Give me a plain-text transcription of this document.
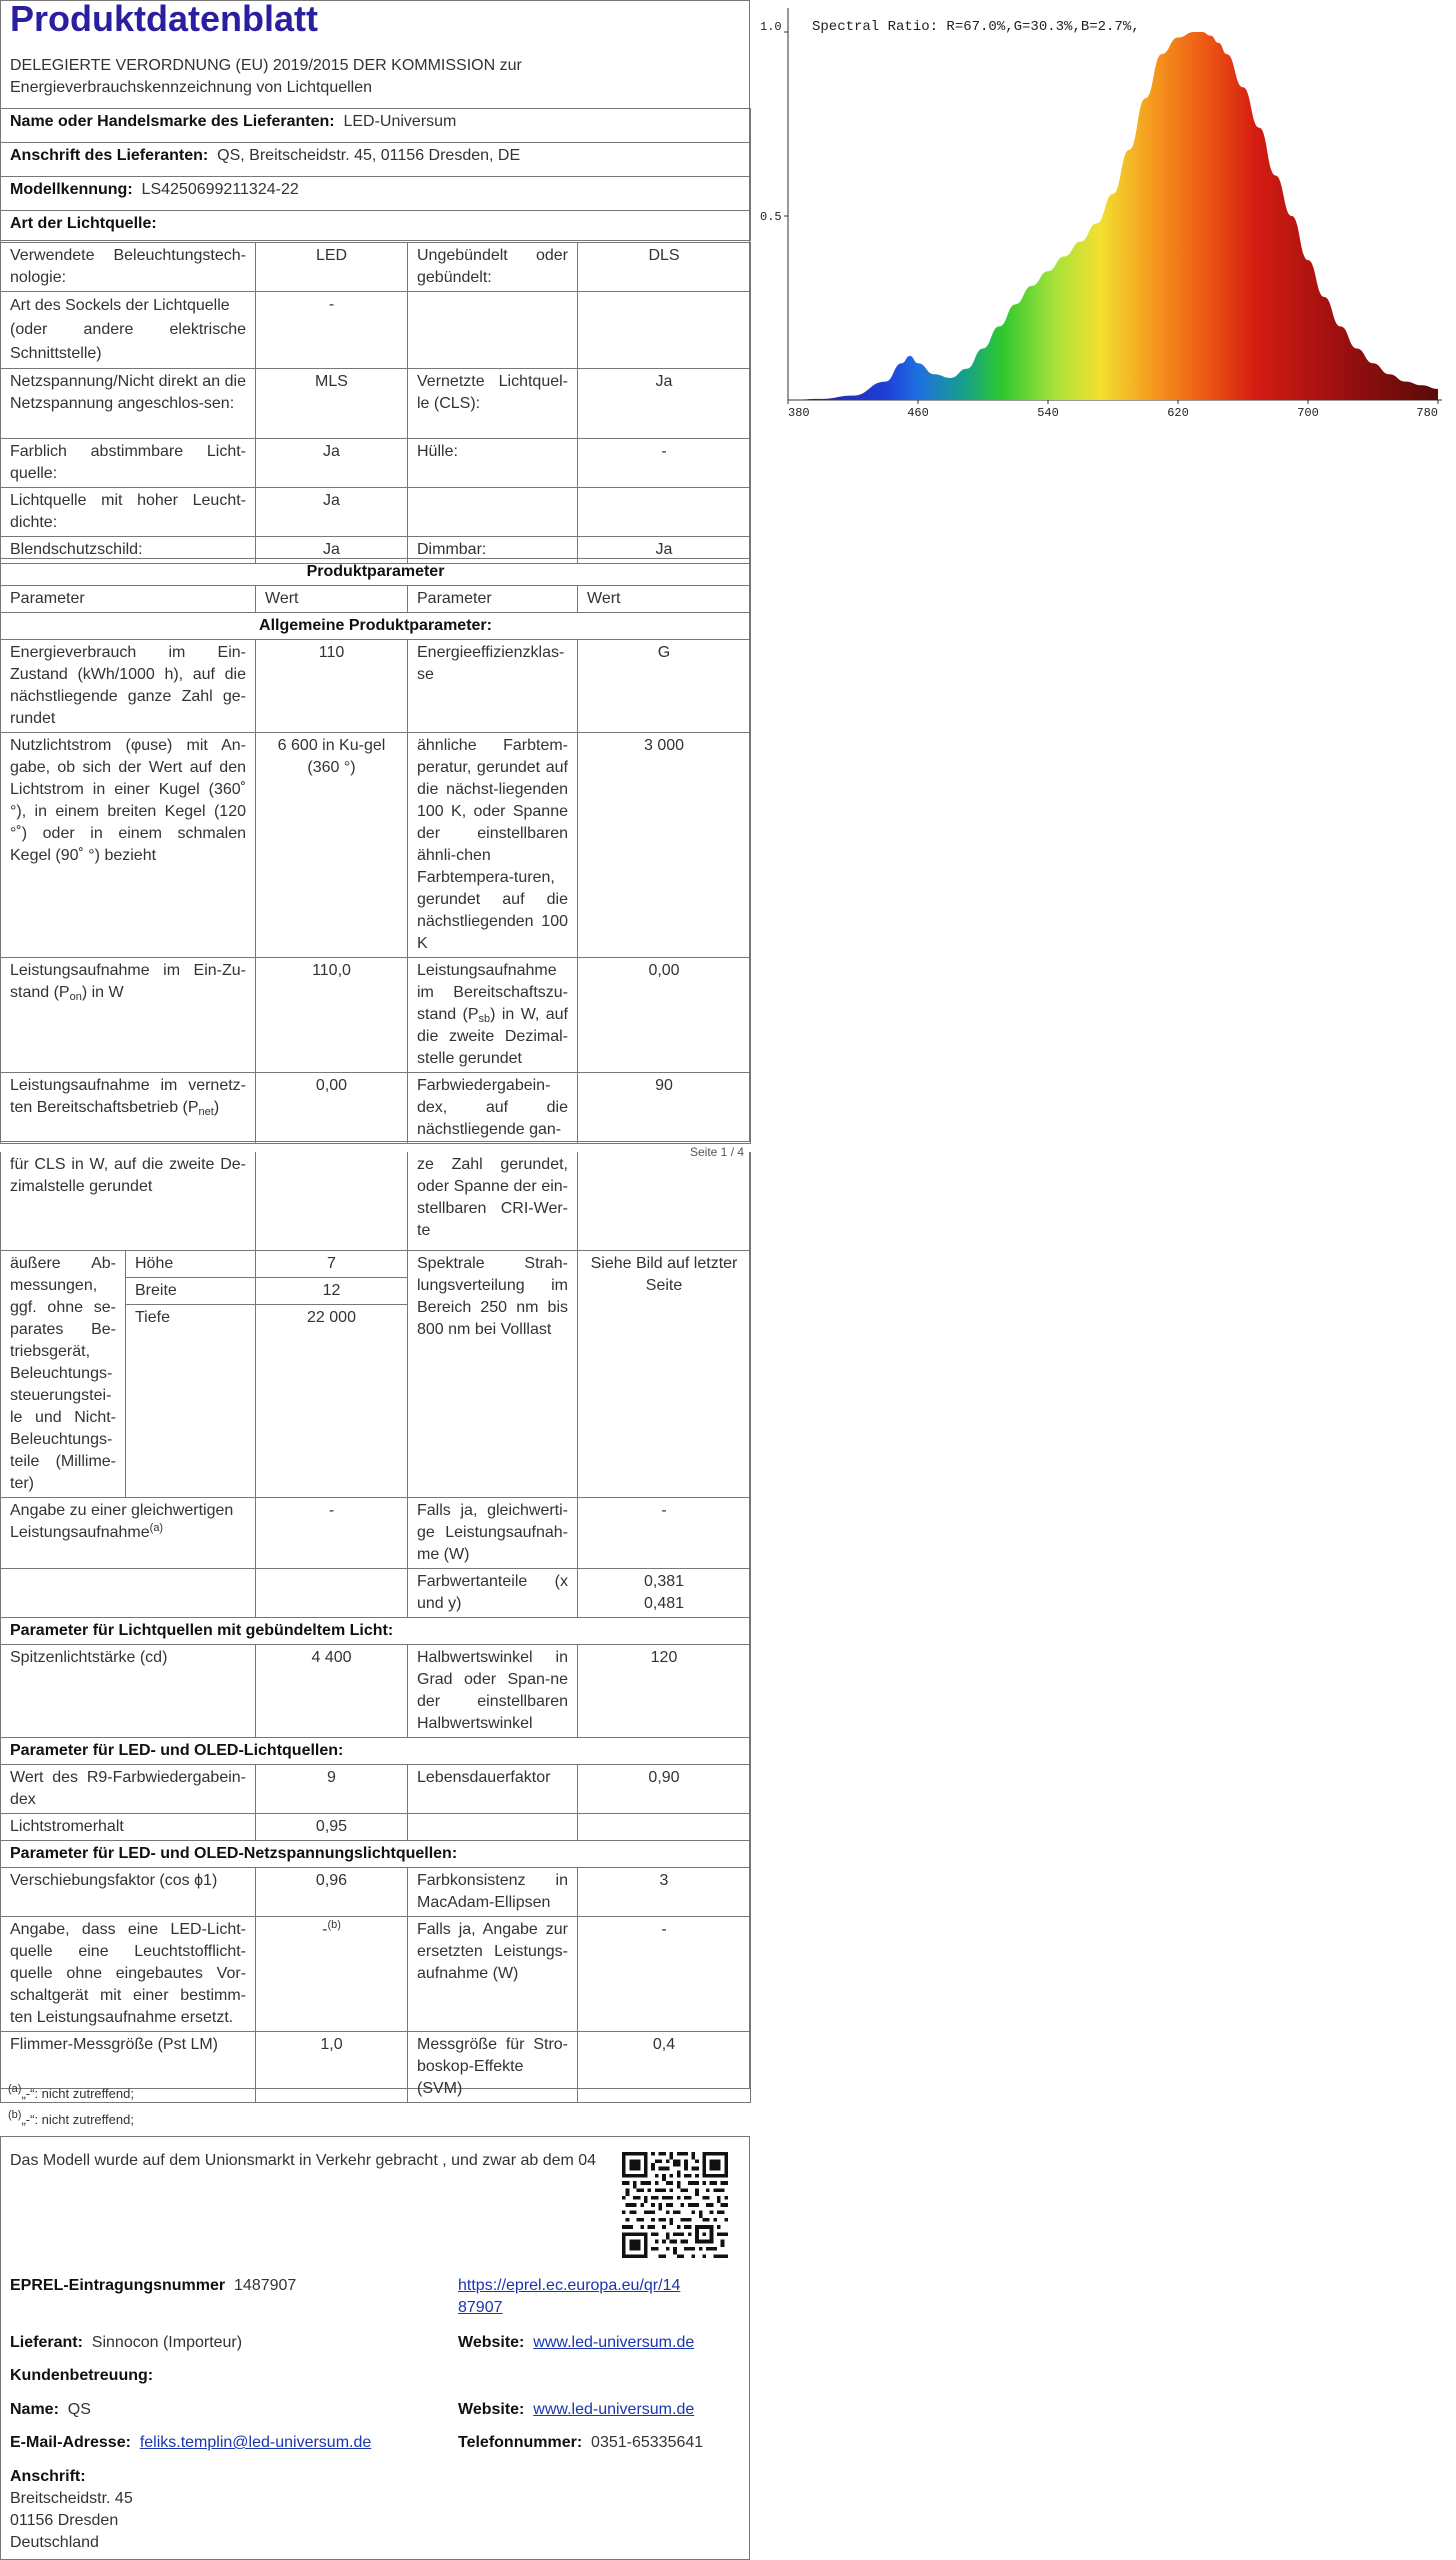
Produktdatenblatt
DELEGIERTE VERORDNUNG (EU) 2019/2015 DER KOMMISSION zur Energieverbrauchskennzeichnung von Lichtquellen
Name oder Handelsmarke des Lieferanten: LED-Universum
Anschrift des Lieferanten: QS, Breitscheidstr. 45, 01156 Dresden, DE
Modellkennung: LS4250699211324-22
Art der Lichtquelle:
Verwendete Beleuchtungstech-nologie:	LED	Ungebündelt oder gebündelt:	DLS
Art des Sockels der Lichtquelle
(oder andere elektrische Schnittstelle)	-		
Netzspannung/Nicht direkt an die Netzspannung angeschlos-sen:	MLS	Vernetzte Lichtquel-le (CLS):	Ja
Farblich abstimmbare Licht-quelle:	Ja	Hülle:	-
Lichtquelle mit hoher Leucht-dichte:	Ja		
Blendschutzschild:	Ja	Dimmbar:	Ja
Produktparameter			
Parameter	Wert	Parameter	Wert
Allgemeine Produktparameter:			
Energieverbrauch im Ein-Zustand (kWh/1000 h), auf die nächstliegende ganze Zahl ge-rundet	110	Energieeffizienzklas-se	G
Nutzlichtstrom (φuse) mit An-gabe, ob sich der Wert auf den Lichtstrom in einer Kugel (360˚ °), in einem breiten Kegel (120 °˚) oder in einem schmalen Kegel (90˚ °) bezieht	6 600 in Ku-gel (360 °)	ähnliche Farbtem-peratur, gerundet auf die nächst-liegenden 100 K, oder Spanne der einstellbaren ähnli-chen Farbtempera-turen, gerundet auf die nächstliegenden 100 K	3 000
Leistungsaufnahme im Ein-Zu-stand $(P_{on})$ in W	110,0	Leistungsaufnahme im Bereitschaftszu-stand $(P_{sb})$ in W, auf die zweite Dezimal-stelle gerundet	0,00
Leistungsaufnahme im vernetz-ten Bereitschaftsbetrieb $(P_{net})$	0,00	Farbwiedergabein-dex, auf die nächstliegende gan-	90
Seite 1 / 4
Spectral Ratio: R=67.0%,G=30.3%,B=2.7%,
380	460	540	620	700	780
0.5
1.0
für CLS in W, auf die zweite De-zimalstelle gerundet			ze Zahl gerundet, oder Spanne der ein-stellbaren CRI-Wer-te	
äußere Ab-messungen, ggf. ohne se-parates Be-triebsgerät, Beleuchtungs-steuerungstei-le und Nicht-Beleuchtungs-teile (Millime-ter)	Höhe	7	Spektrale Strah-lungsverteilung im Bereich 250 nm bis 800 nm bei Volllast	Siehe Bild auf letzter Seite
	Breite	12		
	Tiefe	22 000		
Angabe zu einer gleichwertigen Leistungsaufnahme$^{(a)}$		-	Falls ja, gleichwerti-ge Leistungsaufnah-me (W)	-
			Farbwertanteile (x und y)	0,381
0,481
Parameter für Lichtquellen mit gebündeltem Licht:				
Spitzenlichtstärke (cd)		4 400	Halbwertswinkel in Grad oder Span-ne der einstellbaren Halbwertswinkel	120
Parameter für LED- und OLED-Lichtquellen:				
Wert des R9-Farbwiedergabein-dex		9	Lebensdauerfaktor	0,90
Lichtstromerhalt		0,95		
Parameter für LED- und OLED-Netzspannungslichtquellen:				
Verschiebungsfaktor (cos ϕ1)		0,96	Farbkonsistenz in MacAdam-Ellipsen	3
Angabe, dass eine LED-Licht-quelle eine Leuchtstofflicht-quelle ohne eingebautes Vor-schaltgerät mit einer bestimm-ten Leistungsaufnahme ersetzt.		-$^{(b)}$	Falls ja, Angabe zur ersetzten Leistungs-aufnahme (W)	-
Flimmer-Messgröße (Pst LM)		1,0	Messgröße für Stro-boskop-Effekte (SVM)	0,4
$^{(a)}$„-“: nicht zutreffend;
$^{(b)}$„-“: nicht zutreffend;
Das Modell wurde auf dem Unionsmarkt in Verkehr gebracht , und zwar ab dem 04
EPREL-Eintragungsnummer 1487907	https://eprel.ec.europa.eu/qr/14
87907
Lieferant: Sinnocon (Importeur)	Website: www.led-universum.de
Kundenbetreuung:
Name: QS	Website: www.led-universum.de
E-Mail-Adresse: feliks.templin@led-universum.de	Telefonnummer: 0351-65335641
Anschrift:
Breitscheidstr. 45
01156 Dresden
Deutschland
